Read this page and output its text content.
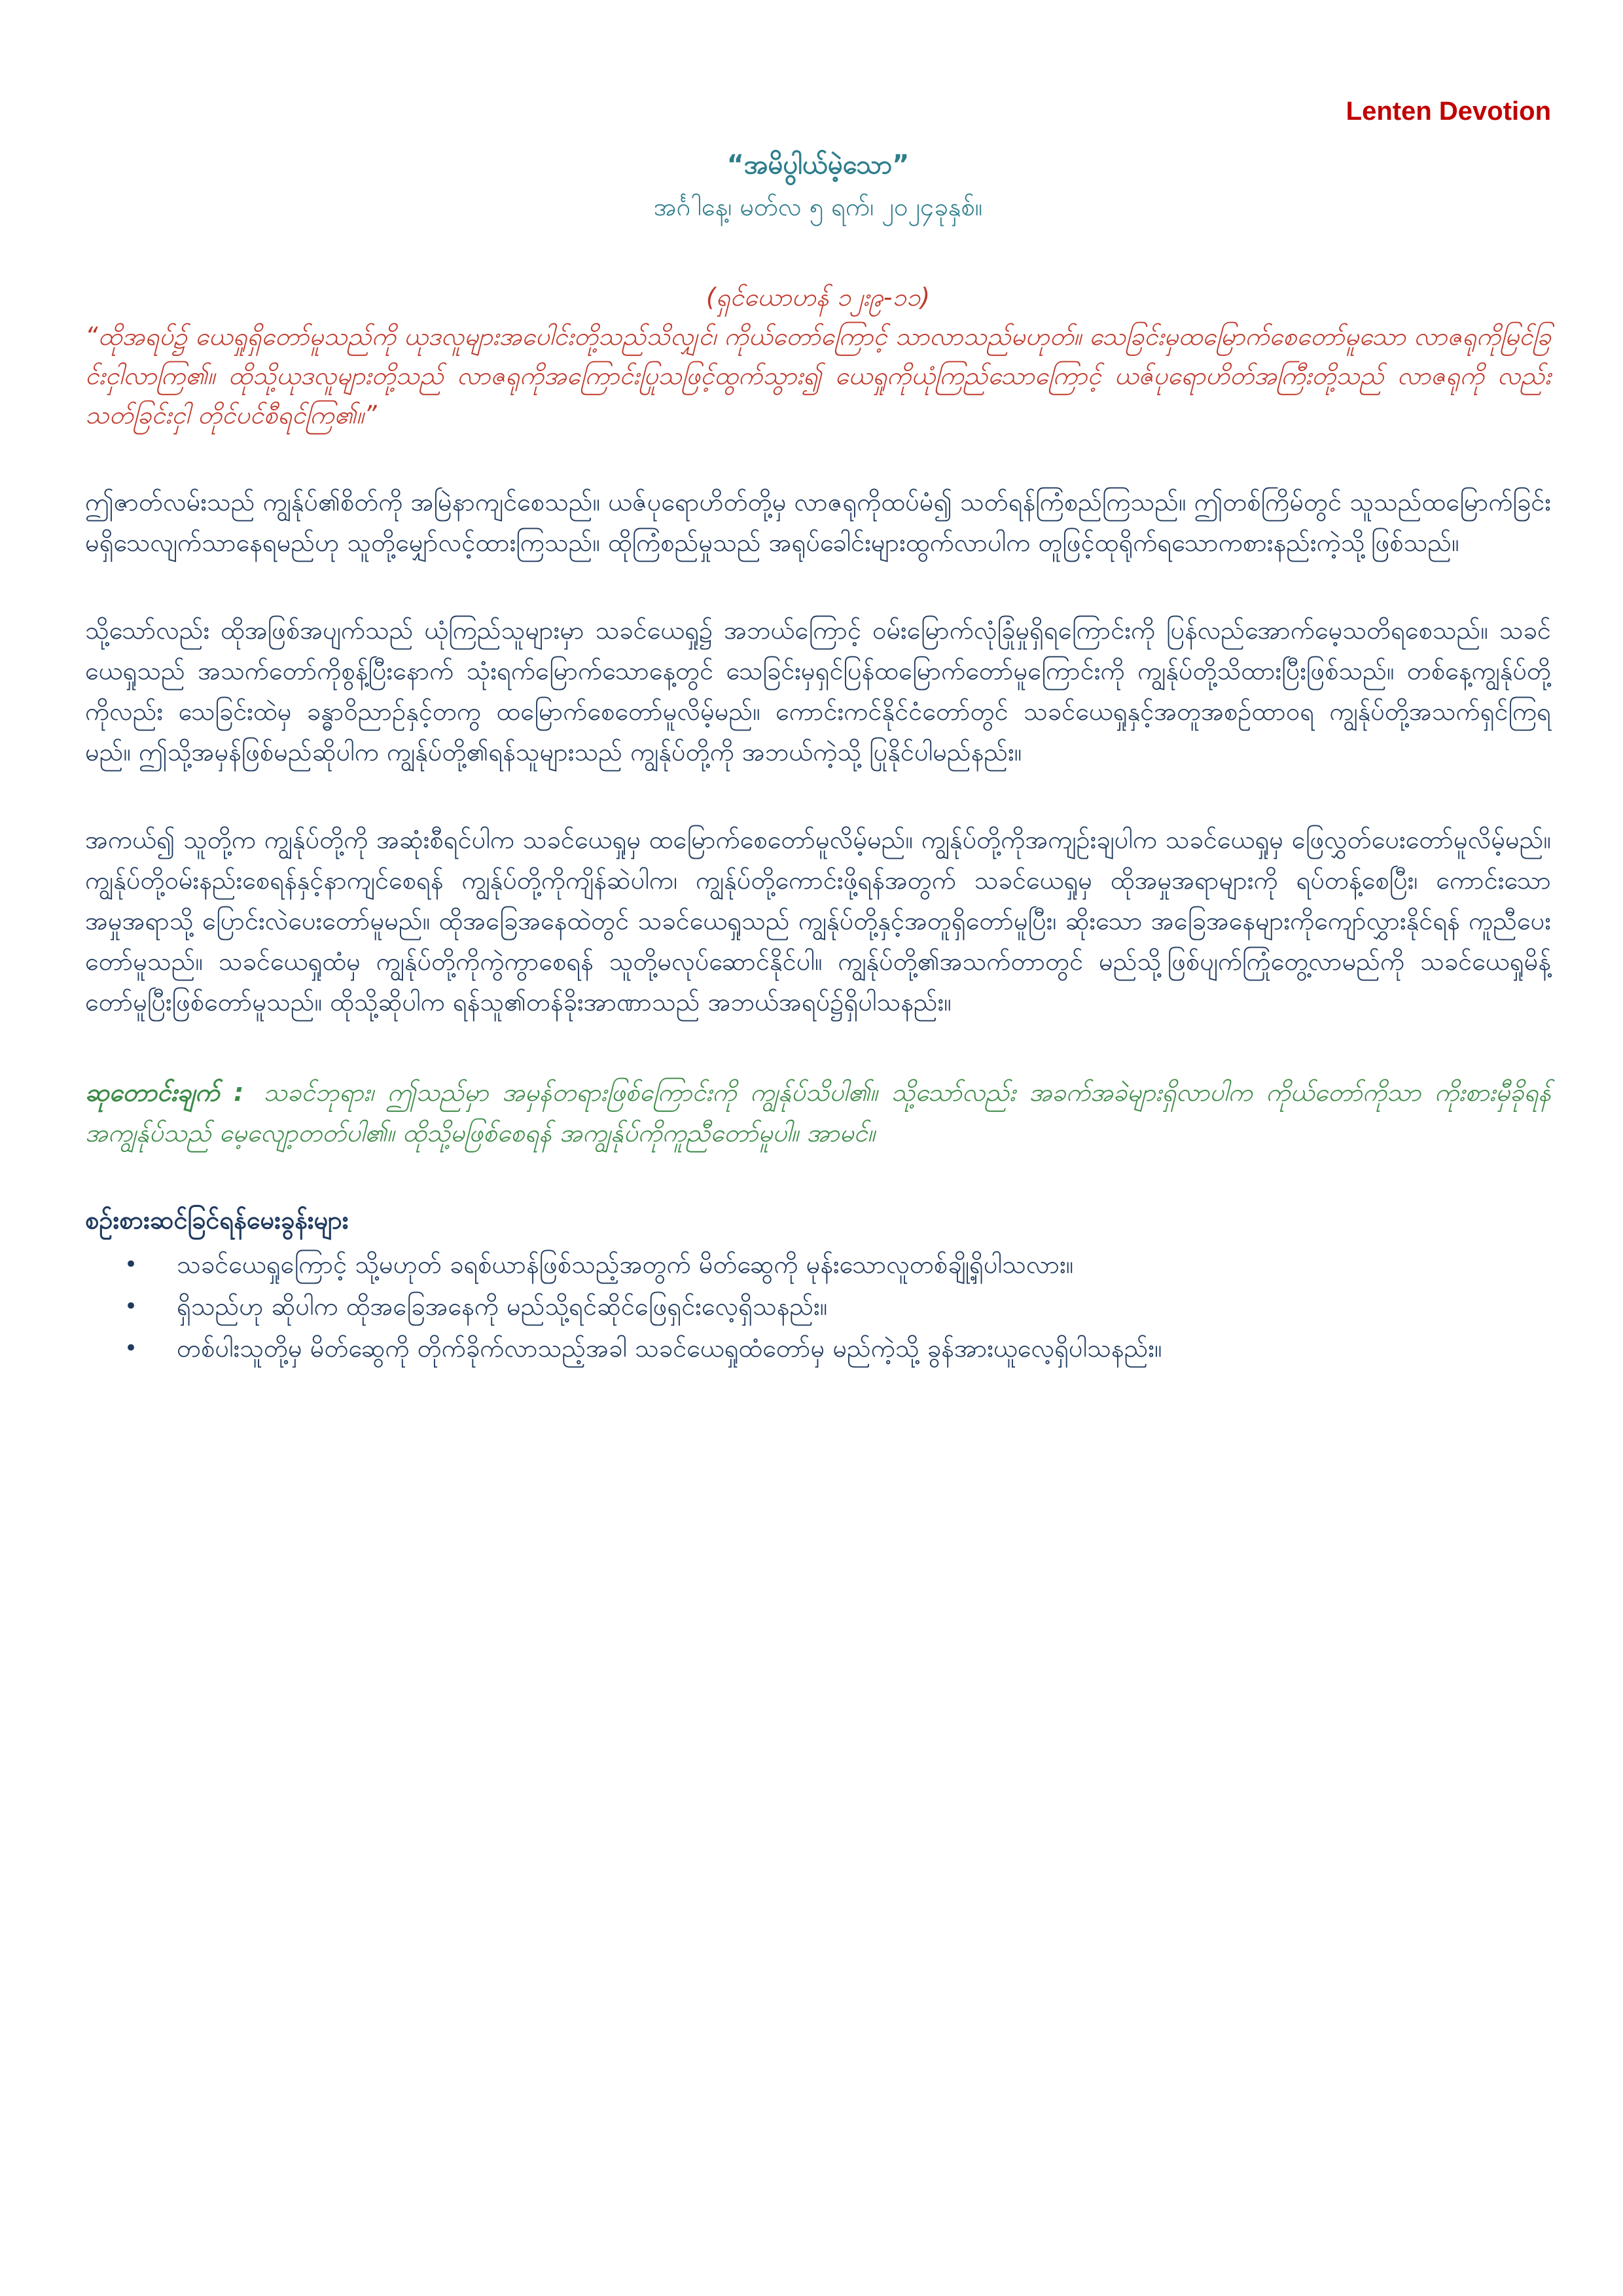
Lenten Devotion
“အမိပွါယ်မဲ့သော”
အင်္ဂါနေ့၊ မတ်လ ၅ ရက်၊ ၂၀၂၄ခုနှစ်။
(ရှင်ယောဟန် ၁၂း၉-၁၁)

“ထိုအရပ်၌ ယေရှုရှိတော်မူသည်ကို ယုဒလူများအပေါင်းတို့သည်သိလျှင်၊ ကိုယ်တော်ကြောင့် သာလာသည်မဟုတ်။ သေခြင်းမှထမြောက်စေတော်မူသော လာဇရုကိုမြင်ခြင်းငှါလာကြ၏။ ထိုသို့ယုဒလူများတို့သည် လာဇရုကိုအကြောင်းပြုသဖြင့်ထွက်သွား၍ ယေရှုကိုယုံကြည်သောကြောင့် ယဇ်ပုရောဟိတ်အကြီးတို့သည် လာဇရုကို လည်းသတ်ခြင်းငှါ တိုင်ပင်စီရင်ကြ၏။”

ဤဇာတ်လမ်းသည် ကျွန်ုပ်၏စိတ်ကို အမြဲနာကျင်စေသည်။ ယဇ်ပုရောဟိတ်တို့မှ လာဇရုကိုထပ်မံ၍ သတ်ရန်ကြံစည်ကြသည်။ ဤတစ်ကြိမ်တွင် သူသည်ထမြောက်ခြင်းမရှိသေလျက်သာနေရမည်ဟု သူတို့မျှော်လင့်ထားကြသည်။ ထိုကြံစည်မှုသည် အရုပ်ခေါင်းများထွက်လာပါက တူဖြင့်ထုရိုက်ရသောကစားနည်းကဲ့သို့ဖြစ်သည်။

သို့သော်လည်း ထိုအဖြစ်အပျက်သည် ယုံကြည်သူများမှာ သခင်ယေရှု၌ အဘယ်ကြောင့် ဝမ်းမြောက်လုံခြုံမှုရှိရကြောင်းကို ပြန်လည်အောက်မေ့သတိရစေသည်။ သခင်ယေရှုသည် အသက်တော်ကိုစွန့်ပြီးနောက် သုံးရက်မြောက်သောနေ့တွင် သေခြင်းမှရှင်ပြန်ထမြောက်တော်မူကြောင်းကို ကျွန်ုပ်တို့သိထားပြီးဖြစ်သည်။ တစ်နေ့ကျွန်ုပ်တို့ကိုလည်း သေခြင်းထဲမှ ခန္ဓာဝိညာဉ်နှင့်တကွ ထမြောက်စေတော်မူလိမ့်မည်။ ကောင်းကင်နိုင်ငံတော်တွင် သခင်ယေရှုနှင့်အတူအစဉ်ထာဝရ ကျွန်ုပ်တို့အသက်ရှင်ကြရမည်။ ဤသို့အမှန်ဖြစ်မည်ဆိုပါက ကျွန်ုပ်တို့၏ရန်သူများသည် ကျွန်ုပ်တို့ကို အဘယ်ကဲ့သို့ ပြုနိုင်ပါမည်နည်း။

အကယ်၍ သူတို့က ကျွန်ုပ်တို့ကို အဆုံးစီရင်ပါက သခင်ယေရှုမှ ထမြောက်စေတော်မူလိမ့်မည်။ ကျွန်ုပ်တို့ကိုအကျဉ်းချပါက သခင်ယေရှုမှ ဖြေလွှတ်ပေးတော်မူလိမ့်မည်။ ကျွန်ုပ်တို့ဝမ်းနည်းစေရန်နှင့်နာကျင်စေရန် ကျွန်ုပ်တို့ကိုကျိန်ဆဲပါက၊ ကျွန်ုပ်တို့ကောင်းဖို့ရန်အတွက် သခင်ယေရှုမှ ထိုအမှုအရာများကို ရပ်တန့်စေပြီး၊ ကောင်းသောအမှုအရာသို့ ပြောင်းလဲပေးတော်မူမည်။ ထိုအခြေအနေထဲတွင် သခင်ယေရှုသည် ကျွန်ုပ်တို့နှင့်အတူရှိတော်မူပြီး၊ ဆိုးသော အခြေအနေများကိုကျော်လွှားနိုင်ရန် ကူညီပေးတော်မူသည်။ သခင်ယေရှုထံမှ ကျွန်ုပ်တို့ကိုကွဲကွာစေရန် သူတို့မလုပ်ဆောင်နိုင်ပါ။ ကျွန်ုပ်တို့၏အသက်တာတွင် မည်သို့ဖြစ်ပျက်ကြုံတွေ့လာမည်ကို သခင်ယေရှုမိန့်တော်မူပြီးဖြစ်တော်မူသည်။ ထိုသို့ဆိုပါက ရန်သူ၏တန်ခိုးအာဏာသည် အဘယ်အရပ်၌ရှိပါသနည်း။

ဆုတောင်းချက် : သခင်ဘုရား၊ ဤသည်မှာ အမှန်တရားဖြစ်ကြောင်းကို ကျွန်ုပ်သိပါ၏။ သို့သော်လည်း အခက်အခဲများရှိလာပါက ကိုယ်တော်ကိုသာ ကိုးစားမှီခိုရန် အကျွန်ုပ်သည် မေ့လျော့တတ်ပါ၏။ ထိုသို့မဖြစ်စေရန် အကျွန်ုပ်ကိုကူညီတော်မူပါ။ အာမင်။

စဉ်းစားဆင်ခြင်ရန်မေးခွန်းများ
• သခင်ယေရှုကြောင့် သို့မဟုတ် ခရစ်ယာန်ဖြစ်သည့်အတွက် မိတ်ဆွေကို မုန်းသောလူတစ်ချို့ရှိပါသလား။
• ရှိသည်ဟု ဆိုပါက ထိုအခြေအနေကို မည်သို့ရင်ဆိုင်ဖြေရှင်းလေ့ရှိသနည်း။
• တစ်ပါးသူတို့မှ မိတ်ဆွေကို တိုက်ခိုက်လာသည့်အခါ သခင်ယေရှုထံတော်မှ မည်ကဲ့သို့ ခွန်အားယူလေ့ရှိပါသနည်း။
